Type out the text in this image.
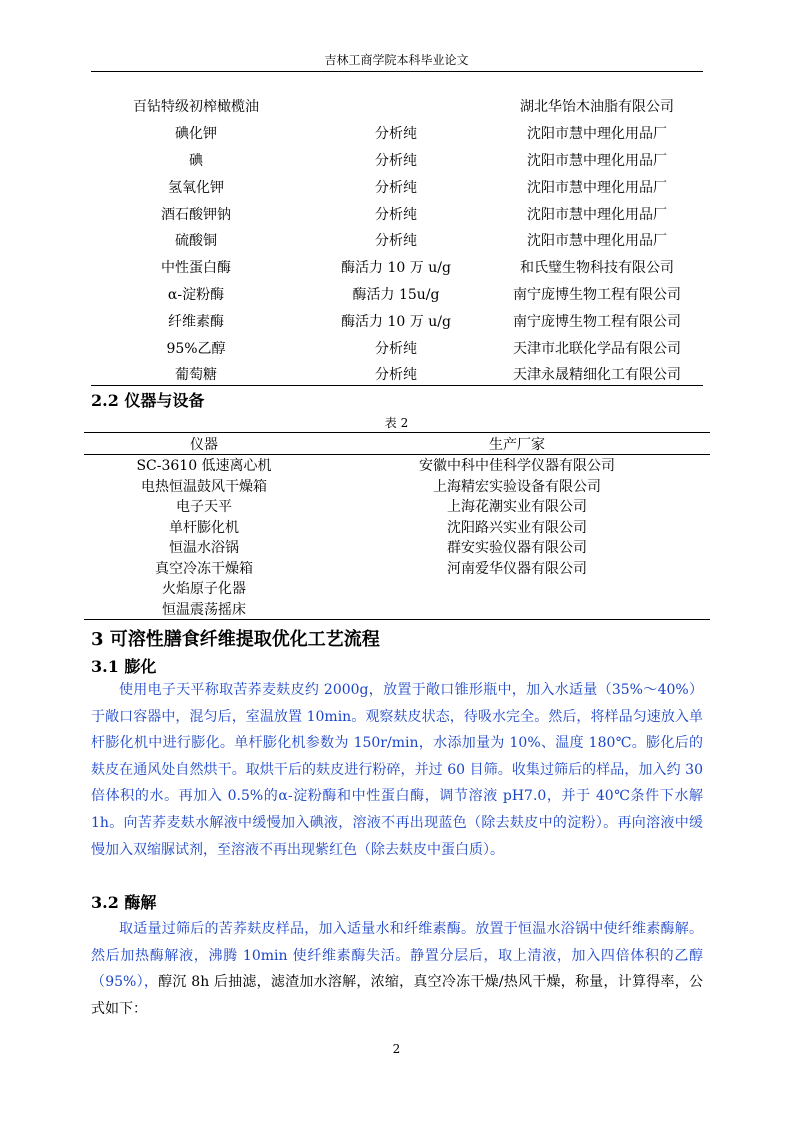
吉林工商学院本科毕业论文
百钻特级初榨橄榄油		湖北华饴木油脂有限公司
碘化钾	分析纯	沈阳市慧中理化用品厂
碘	分析纯	沈阳市慧中理化用品厂
氢氧化钾	分析纯	沈阳市慧中理化用品厂
酒石酸钾钠	分析纯	沈阳市慧中理化用品厂
硫酸铜	分析纯	沈阳市慧中理化用品厂
中性蛋白酶	酶活力 10 万 u/g	和氏璧生物科技有限公司
α-淀粉酶	酶活力 15u/g	南宁庞博生物工程有限公司
纤维素酶	酶活力 10 万 u/g	南宁庞博生物工程有限公司
95%乙醇	分析纯	天津市北联化学品有限公司
葡萄糖	分析纯	天津永晟精细化工有限公司
2.2 仪器与设备
表 2
仪器	生产厂家
SC-3610 低速离心机	安徽中科中佳科学仪器有限公司
电热恒温鼓风干燥箱	上海精宏实验设备有限公司
电子天平	上海花潮实业有限公司
单杆膨化机	沈阳路兴实业有限公司
恒温水浴锅	群安实验仪器有限公司
真空冷冻干燥箱	河南爱华仪器有限公司
火焰原子化器	
恒温震荡摇床	
3 可溶性膳食纤维提取优化工艺流程
3.1 膨化

使用电子天平称取苦荞麦麸皮约 2000g，放置于敞口锥形瓶中，加入水适量（35%～40%）于敞口容器中，混匀后，室温放置 10min。观察麸皮状态，待吸水完全。然后，将样品匀速放入单杆膨化机中进行膨化。单杆膨化机参数为 150r/min，水添加量为 10%、温度 180℃。膨化后的麸皮在通风处自然烘干。取烘干后的麸皮进行粉碎，并过 60 目筛。收集过筛后的样品，加入约 30 倍体积的水。再加入 0.5%的α-淀粉酶和中性蛋白酶，调节溶液 pH7.0，并于 40℃条件下水解 1h。向苦荞麦麸水解液中缓慢加入碘液，溶液不再出现蓝色（除去麸皮中的淀粉）。再向溶液中缓慢加入双缩脲试剂，至溶液不再出现紫红色（除去麸皮中蛋白质）。

3.2 酶解

取适量过筛后的苦荞麸皮样品，加入适量水和纤维素酶。放置于恒温水浴锅中使纤维素酶解。然后加热酶解液，沸腾 10min 使纤维素酶失活。静置分层后，取上清液，加入四倍体积的乙醇（95%），醇沉 8h 后抽滤，滤渣加水溶解，浓缩，真空冷冻干燥/热风干燥，称量，计算得率，公式如下：

2
